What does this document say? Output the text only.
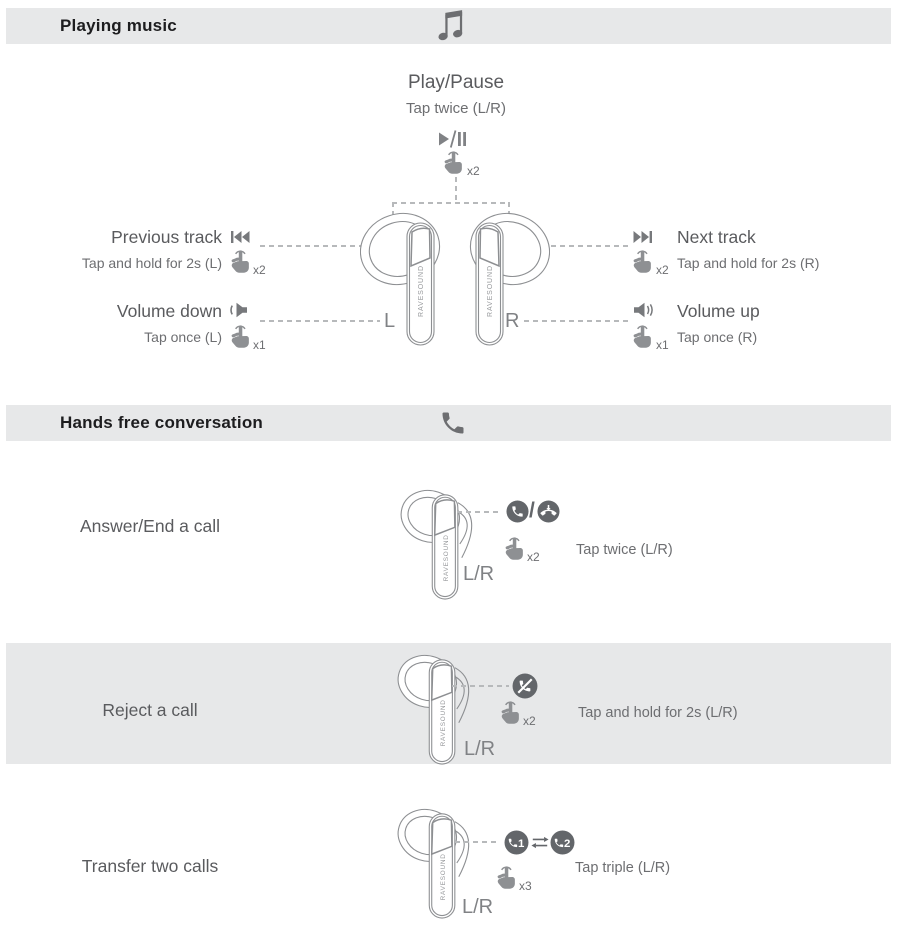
Playing music
Play/Pause
Tap twice (L/R)
x2
RAVESOUND	RAVESOUND
L	R
Previous track
Tap and hold for 2s (L)	x2
Volume down
Tap once (L)	x1
Next track
Tap and hold for 2s (R)
x2
Volume up
Tap once (R)
x1
Hands free conversation
Answer/End a call
RAVESOUND L/R
/
x2	Tap twice (L/R)
Reject a call	RAVESOUND
L/R
x2	Tap and hold for 2s (L/R)
Transfer two calls	RAVESOUND
L/R
1	2
x3
Tap triple (L/R)
